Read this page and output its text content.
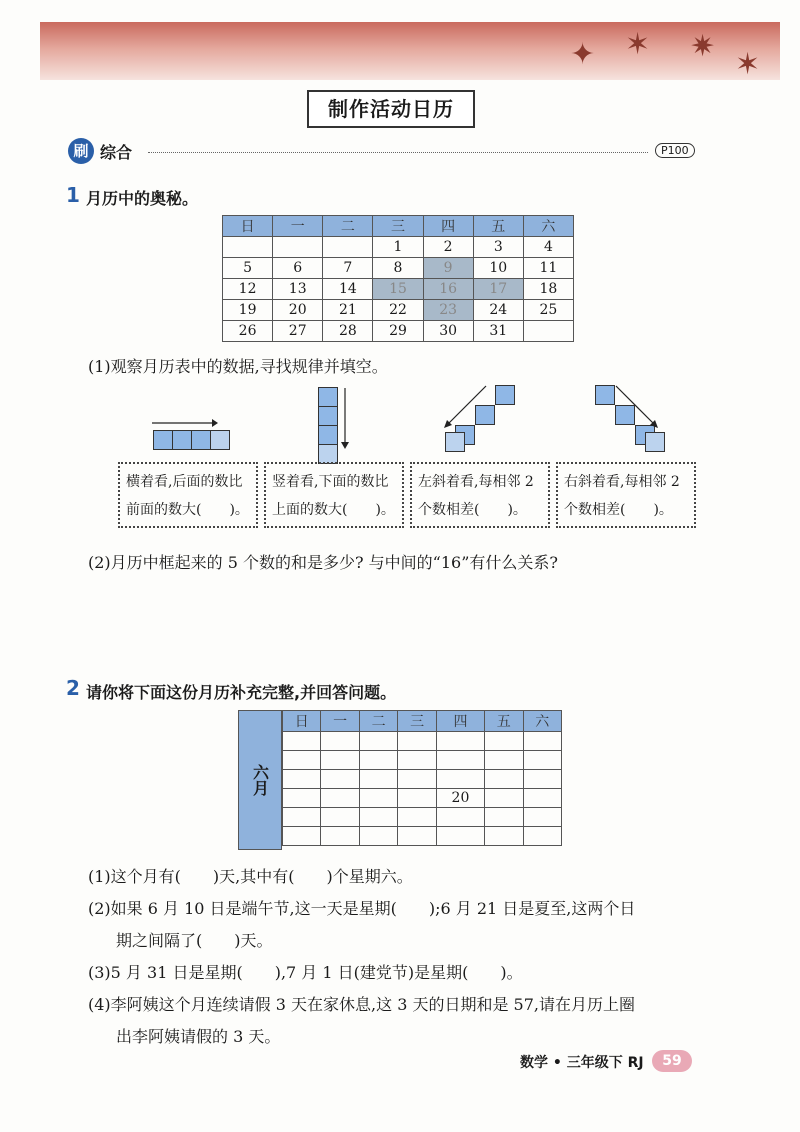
✦ ✶ ✷
✶
制作活动日历
刷 综合	P100
1 月历中的奥秘。
日	一	二	三	四	五	六
			1	2	3	4
5	6	7	8	9	10	11
12	13	14	15	16	17	18
19	20	21	22	23	24	25
26	27	28	29	30	31	
(1)观察月历表中的数据,寻找规律并填空。
横着看,后面的数比
前面的数大(　　)。
竖着看,下面的数比
上面的数大(　　)。
左斜着看,每相邻 2
个数相差(　　)。
右斜着看,每相邻 2
个数相差(　　)。
(2)月历中框起来的 5 个数的和是多少? 与中间的“16”有什么关系?
2 请你将下面这份月历补充完整,并回答问题。
六月
日	一	二	三	四	五	六

				20		

(1)这个月有(　　)天,其中有(　　)个星期六。
(2)如果 6 月 10 日是端午节,这一天是星期(　　);6 月 21 日是夏至,这两个日
期之间隔了(　　)天。
(3)5 月 31 日是星期(　　),7 月 1 日(建党节)是星期(　　)。
(4)李阿姨这个月连续请假 3 天在家休息,这 3 天的日期和是 57,请在月历上圈
出李阿姨请假的 3 天。
数学 • 三年级下 RJ	59
